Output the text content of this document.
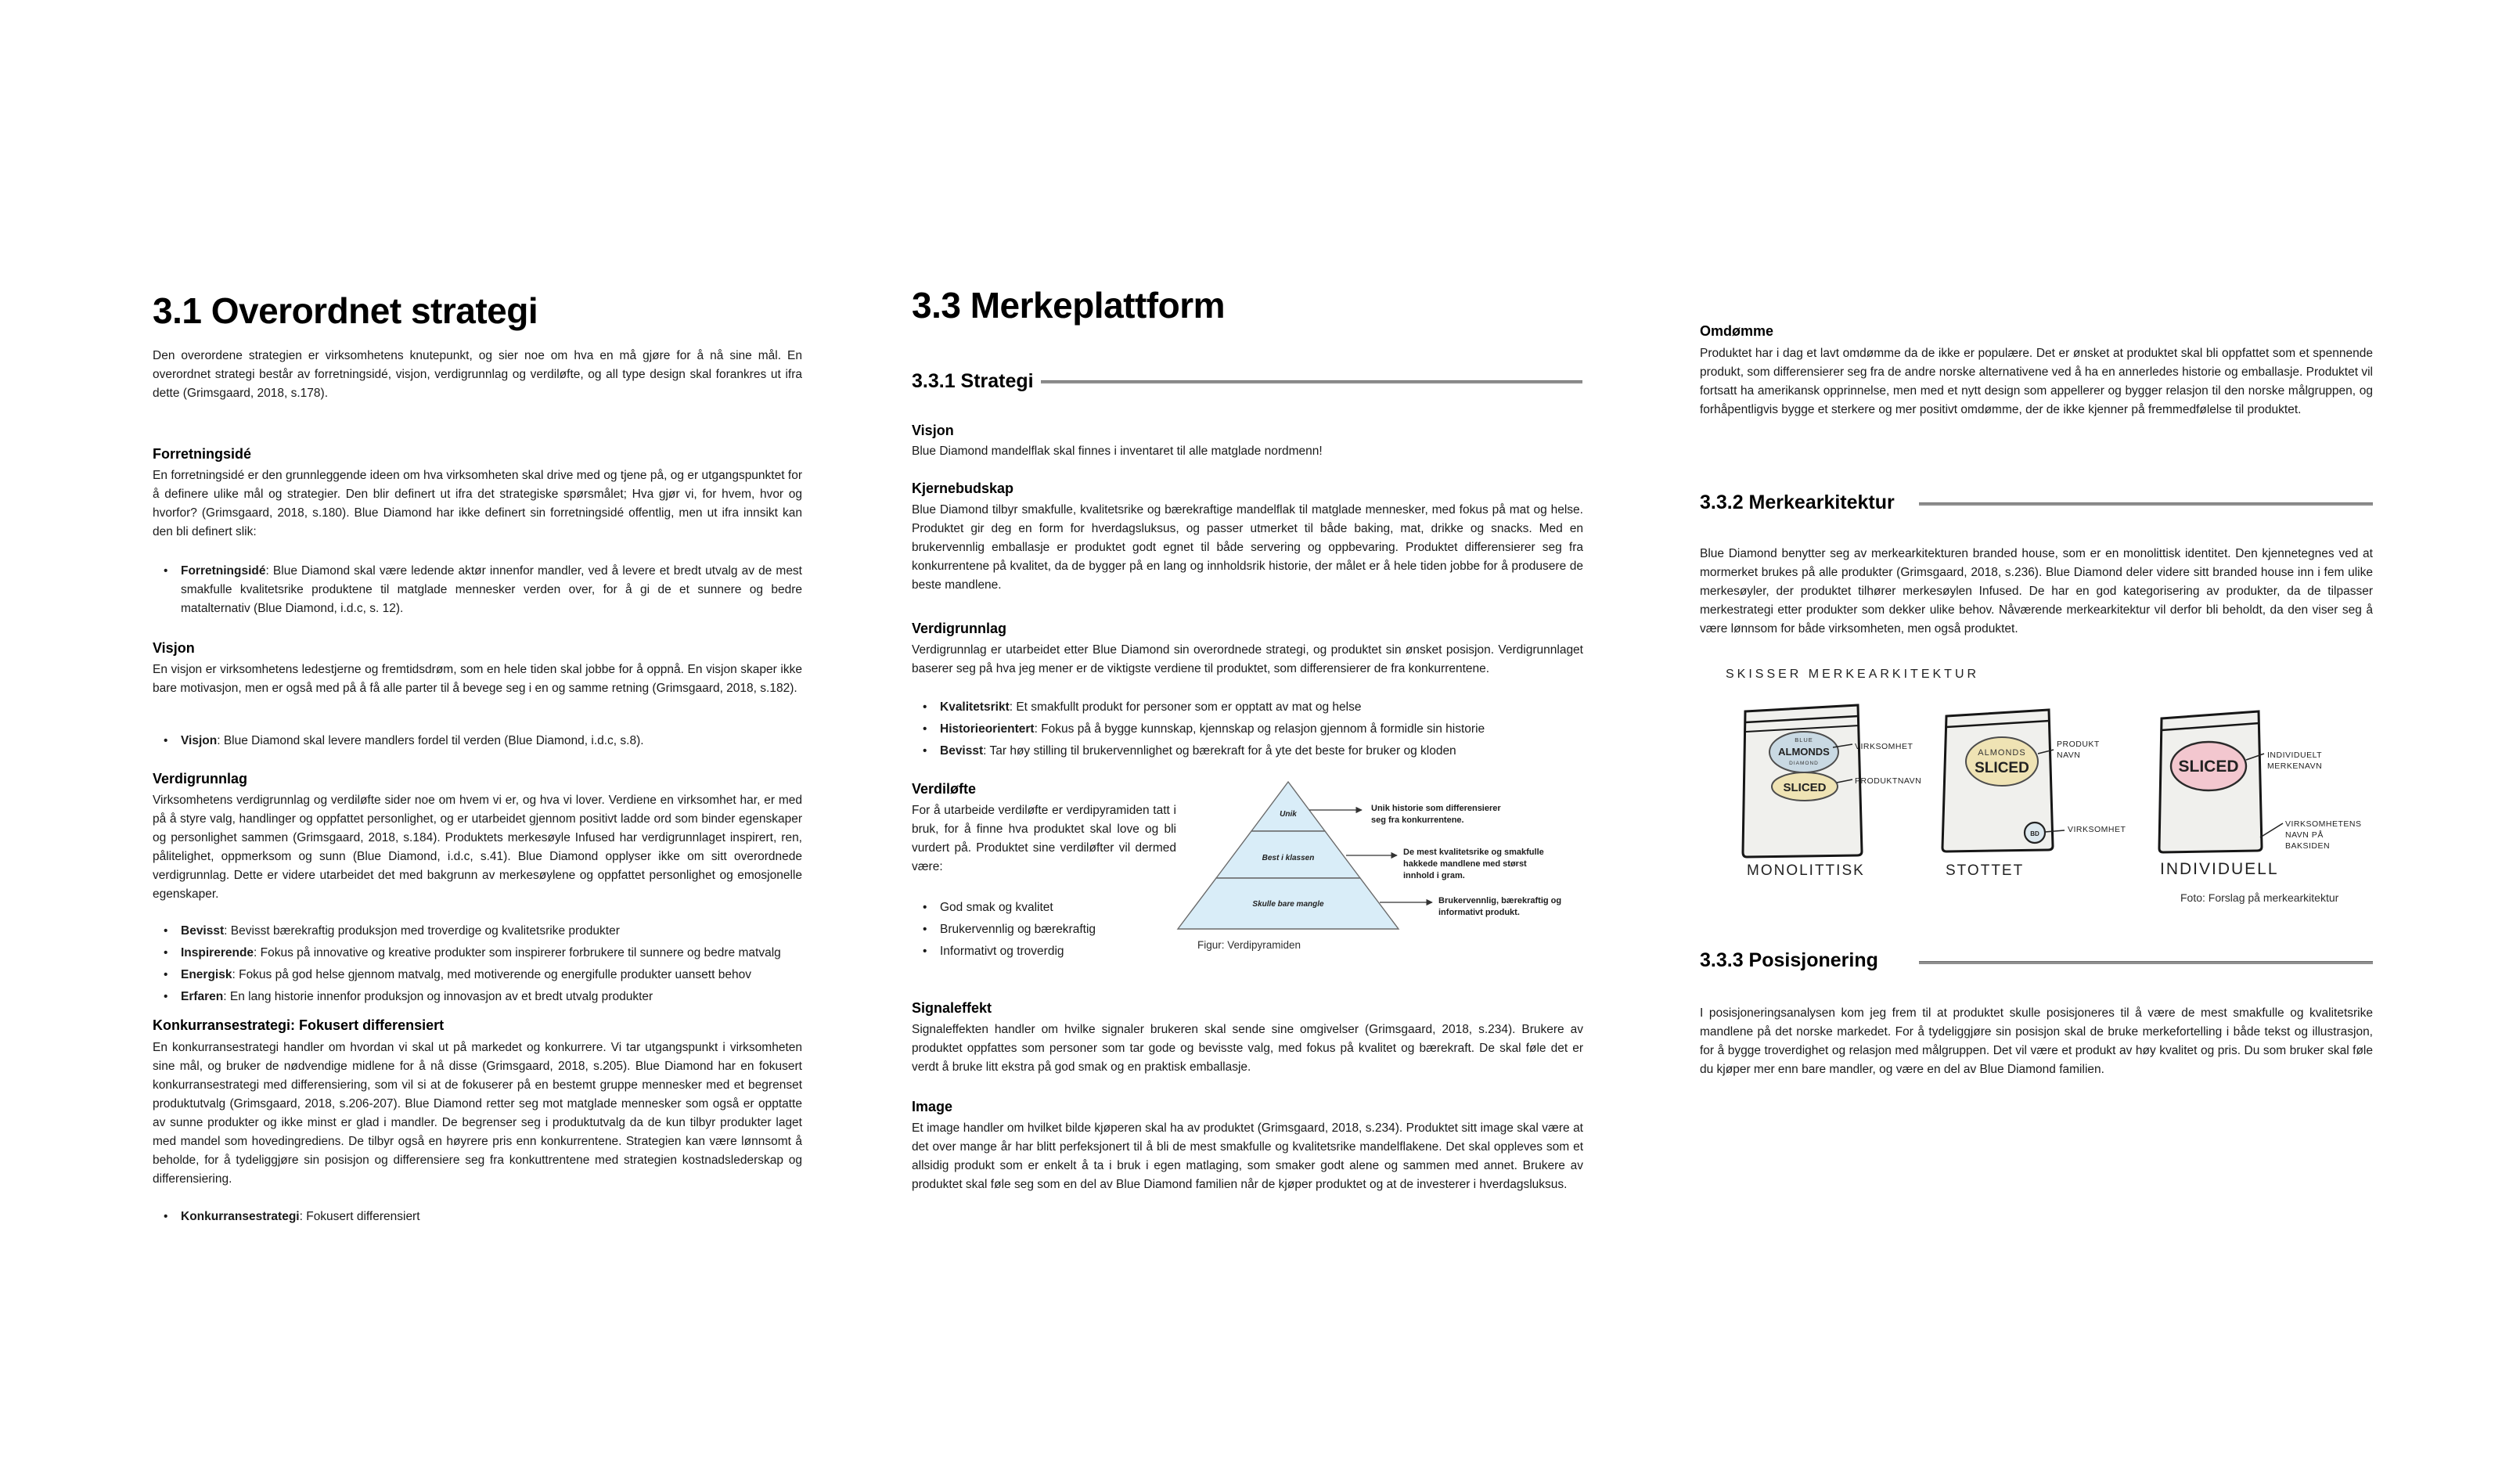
3.1 Overordnet strategi
Den overordene strategien er virksomhetens knutepunkt, og sier noe om hva en må gjøre for å nå sine mål. En overordnet strategi består av forretningsidé, visjon, verdigrunnlag og verdiløfte, og all type design skal forankres ut ifra dette (Grimsgaard, 2018, s.178).
Forretningsidé
En forretningsidé er den grunnleggende ideen om hva virksomheten skal drive med og tjene på, og er utgangspunktet for å definere ulike mål og strategier. Den blir definert ut ifra det strategiske spørsmålet; Hva gjør vi, for hvem, hvor og hvorfor? (Grimsgaard, 2018, s.180). Blue Diamond har ikke definert sin forretningsidé offentlig, men ut ifra innsikt kan den bli definert slik:
• Forretningsidé: Blue Diamond skal være ledende aktør innenfor mandler, ved å levere et bredt utvalg av de mest smakfulle kvalitetsrike produktene til matglade mennesker verden over, for å gi de et sunnere og bedre matalternativ (Blue Diamond, i.d.c, s. 12).
Visjon
En visjon er virksomhetens ledestjerne og fremtidsdrøm, som en hele tiden skal jobbe for å oppnå. En visjon skaper ikke bare motivasjon, men er også med på å få alle parter til å bevege seg i en og samme retning (Grimsgaard, 2018, s.182).
• Visjon: Blue Diamond skal levere mandlers fordel til verden (Blue Diamond, i.d.c, s.8).
Verdigrunnlag
Virksomhetens verdigrunnlag og verdiløfte sider noe om hvem vi er, og hva vi lover. Verdiene en virksomhet har, er med på å styre valg, handlinger og oppfattet personlighet, og er utarbeidet gjennom positivt ladde ord som binder egenskaper og personlighet sammen (Grimsgaard, 2018, s.184). Produktets merkesøyle Infused har verdigrunnlaget inspirert, ren, pålitelighet, oppmerksom og sunn (Blue Diamond, i.d.c, s.41). Blue Diamond opplyser ikke om sitt overordnede verdigrunnlag. Dette er videre utarbeidet det med bakgrunn av merkesøylene og oppfattet personlighet og emosjonelle egenskaper.
• Bevisst: Bevisst bærekraftig produksjon med troverdige og kvalitetsrike produkter
• Inspirerende: Fokus på innovative og kreative produkter som inspirerer forbrukere til sunnere og bedre matvalg
• Energisk: Fokus på god helse gjennom matvalg, med motiverende og energifulle produkter uansett behov
• Erfaren: En lang historie innenfor produksjon og innovasjon av et bredt utvalg produkter
Konkurransestrategi: Fokusert differensiert
En konkurransestrategi handler om hvordan vi skal ut på markedet og konkurrere. Vi tar utgangspunkt i virksomheten sine mål, og bruker de nødvendige midlene for å nå disse (Grimsgaard, 2018, s.205). Blue Diamond har en fokusert konkurransestrategi med differensiering, som vil si at de fokuserer på en bestemt gruppe mennesker med et begrenset produktutvalg (Grimsgaard, 2018, s.206-207). Blue Diamond retter seg mot matglade mennesker som også er opptatte av sunne produkter og ikke minst er glad i mandler. De begrenser seg i produktutvalg da de kun tilbyr produkter laget med mandel som hovedingrediens. De tilbyr også en høyrere pris enn konkurrentene. Strategien kan være lønnsomt å beholde, for å tydeliggjøre sin posisjon og differensiere seg fra konkuttrentene med strategien kostnadslederskap og differensiering.
• Konkurransestrategi: Fokusert differensiert
3.3 Merkeplattform
3.3.1 Strategi
Visjon
Blue Diamond mandelflak skal finnes i inventaret til alle matglade nordmenn!
Kjernebudskap
Blue Diamond tilbyr smakfulle, kvalitetsrike og bærekraftige mandelflak til matglade mennesker, med fokus på mat og helse. Produktet gir deg en form for hverdagsluksus, og passer utmerket til både baking, mat, drikke og snacks. Med en brukervennlig emballasje er produktet godt egnet til både servering og oppbevaring. Produktet differensierer seg fra konkurrentene på kvalitet, da de bygger på en lang og innholdsrik historie, der målet er å hele tiden jobbe for å produsere de beste mandlene.
Verdigrunnlag
Verdigrunnlag er utarbeidet etter Blue Diamond sin overordnede strategi, og produktet sin ønsket posisjon. Verdigrunnlaget baserer seg på hva jeg mener er de viktigste verdiene til produktet, som differensierer de fra konkurrentene.
• Kvalitetsrikt: Et smakfullt produkt for personer som er opptatt av mat og helse
• Historieorientert: Fokus på å bygge kunnskap, kjennskap og relasjon gjennom å formidle sin historie
• Bevisst: Tar høy stilling til brukervennlighet og bærekraft for å yte det beste for bruker og kloden
Verdiløfte
For å utarbeide verdiløfte er verdipyramiden tatt i bruk, for å finne hva produktet skal love og bli vurdert på. Produktet sine verdiløfter vil dermed være:
• God smak og kvalitet
• Brukervennlig og bærekraftig
• Informativt og troverdig
Unik
Best i klassen
Skulle bare mangle
Unik historie som differensierer seg fra konkurrentene.
De mest kvalitetsrike og smakfulle hakkede mandlene med størst innhold i gram.
Brukervennlig, bærekraftig og informativt produkt.
Figur: Verdipyramiden
Signaleffekt
Signaleffekten handler om hvilke signaler brukeren skal sende sine omgivelser (Grimsgaard, 2018, s.234). Brukere av produktet oppfattes som personer som tar gode og bevisste valg, med fokus på kvalitet og bærekraft. De skal føle det er verdt å bruke litt ekstra på god smak og en praktisk emballasje.
Image
Et image handler om hvilket bilde kjøperen skal ha av produktet (Grimsgaard, 2018, s.234). Produktet sitt image skal være at det over mange år har blitt perfeksjonert til å bli de mest smakfulle og kvalitetsrike mandelflakene. Det skal oppleves som et allsidig produkt som er enkelt å ta i bruk i egen matlaging, som smaker godt alene og sammen med annet. Brukere av produktet skal føle seg som en del av Blue Diamond familien når de kjøper produktet og at de investerer i hverdagsluksus.
Omdømme
Produktet har i dag et lavt omdømme da de ikke er populære. Det er ønsket at produktet skal bli oppfattet som et spennende produkt, som differensierer seg fra de andre norske alternativene ved å ha en annerledes historie og emballasje. Produktet vil fortsatt ha amerikansk opprinnelse, men med et nytt design som appellerer og bygger relasjon til den norske målgruppen, og forhåpentligvis bygge et sterkere og mer positivt omdømme, der de ikke kjenner på fremmedfølelse til produktet.
3.3.2 Merkearkitektur
Blue Diamond benytter seg av merkearkitekturen branded house, som er en monolittisk identitet. Den kjennetegnes ved at mormerket brukes på alle produkter (Grimsgaard, 2018, s.236). Blue Diamond deler videre sitt branded house inn i fem ulike merkesøyler, der produktet tilhører merkesøylen Infused. De har en god kategorisering av produkter, da de tilpasser merkestrategi etter produkter som dekker ulike behov. Nåværende merkearkitektur vil derfor bli beholdt, da den viser seg å være lønnsom for både virksomheten, men også produktet.
SKISSER MERKEARKITEKTUR
BLUE
ALMONDS
DIAMOND
SLICED
ALMONDS
SLICED
BD
SLICED
VIRKSOMHET
PRODUKTNAVN
PRODUKT NAVN
VIRKSOMHET
INDIVIDUELT MERKENAVN
VIRKSOMHETENS NAVN PÅ BAKSIDEN
MONOLITTISK	STOTTET	INDIVIDUELL
Foto: Forslag på merkearkitektur
3.3.3 Posisjonering
I posisjoneringsanalysen kom jeg frem til at produktet skulle posisjoneres til å være de mest smakfulle og kvalitetsrike mandlene på det norske markedet. For å tydeliggjøre sin posisjon skal de bruke merkefortelling i både tekst og illustrasjon, for å bygge troverdighet og relasjon med målgruppen. Det vil være et produkt av høy kvalitet og pris. Du som bruker skal føle du kjøper mer enn bare mandler, og være en del av Blue Diamond familien.
